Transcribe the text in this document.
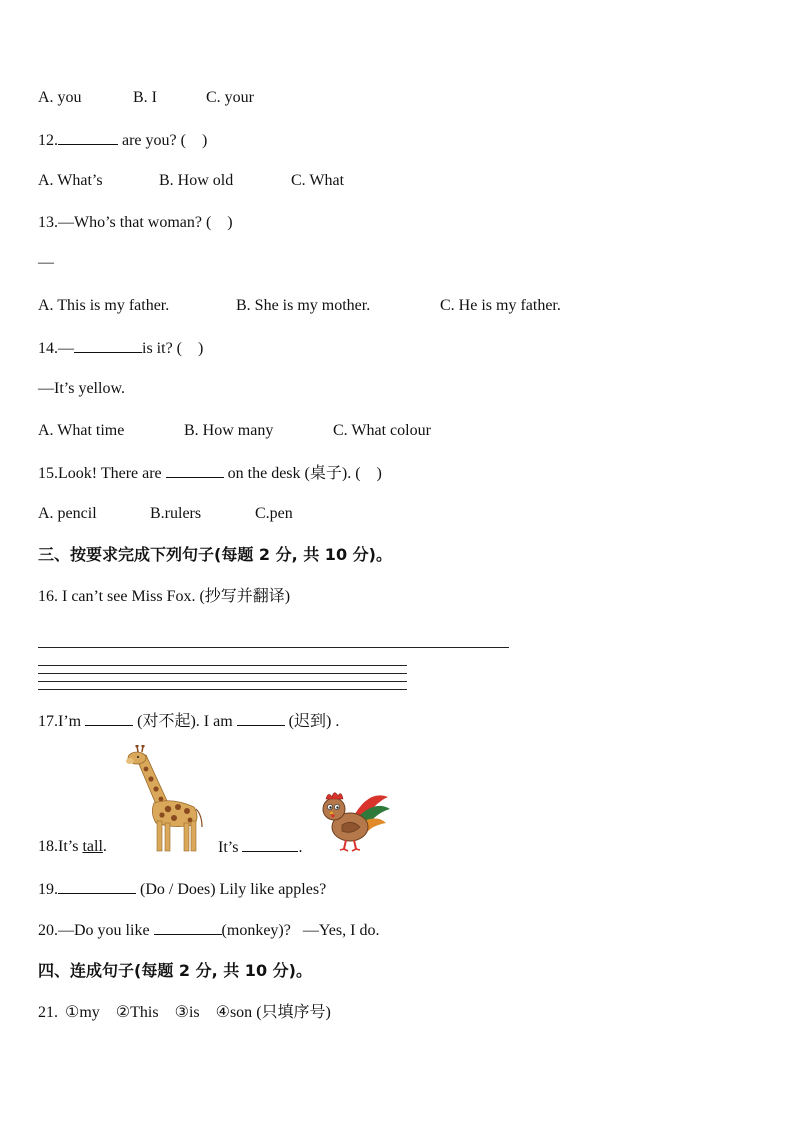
A. you	B. I	C. your
12.	are you? (    )
A. What’s	B. How old	C. What
13.—Who’s that woman? (    )
—
A. This is my father.	B. She is my mother.	C. He is my father.
14.—	is it? (    )
—It’s yellow.
A. What time	B. How many	C. What colour
15.Look! There are	on the desk (桌子). (    )
A. pencil	B.rulers	C.pen
三、按要求完成下列句子(每题 2 分, 共 10 分)。
16. I can’t see Miss Fox. (抄写并翻译)
17.I’m	(对不起). I am	(迟到) .
18.It’s tall.	It’s	.
19.	(Do / Does) Lily like apples?
20.—Do you like	(monkey)?   —Yes, I do.
四、连成句子(每题 2 分, 共 10 分)。
21. ①my ②This ③is ④son (只填序号)
